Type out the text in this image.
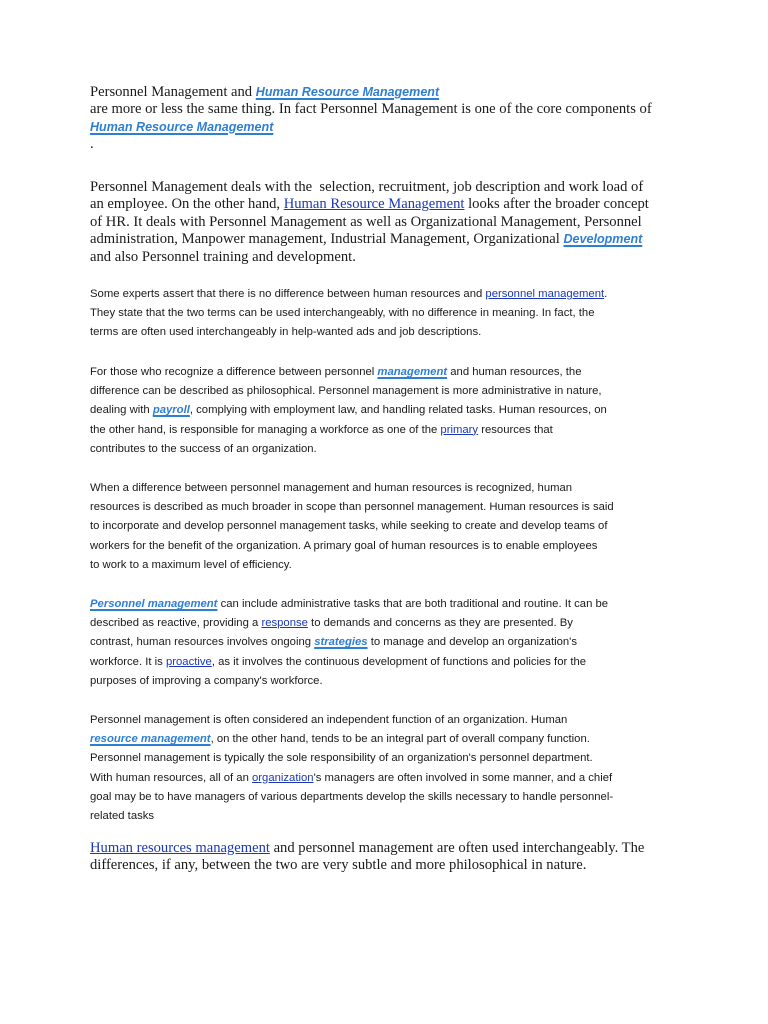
Personnel Management and Human Resource Management
are more or less the same thing. In fact Personnel Management is one of the core components of
Human Resource Management
.
Personnel Management deals with the  selection, recruitment, job description and work load of
an employee. On the other hand, Human Resource Management looks after the broader concept
of HR. It deals with Personnel Management as well as Organizational Management, Personnel
administration, Manpower management, Industrial Management, Organizational Development
and also Personnel training and development.
Some experts assert that there is no difference between human resources and personnel management.
They state that the two terms can be used interchangeably, with no difference in meaning. In fact, the
terms are often used interchangeably in help-wanted ads and job descriptions.
For those who recognize a difference between personnel management and human resources, the
difference can be described as philosophical. Personnel management is more administrative in nature,
dealing with payroll, complying with employment law, and handling related tasks. Human resources, on
the other hand, is responsible for managing a workforce as one of the primary resources that
contributes to the success of an organization.
When a difference between personnel management and human resources is recognized, human
resources is described as much broader in scope than personnel management. Human resources is said
to incorporate and develop personnel management tasks, while seeking to create and develop teams of
workers for the benefit of the organization. A primary goal of human resources is to enable employees
to work to a maximum level of efficiency.
Personnel management can include administrative tasks that are both traditional and routine. It can be
described as reactive, providing a response to demands and concerns as they are presented. By
contrast, human resources involves ongoing strategies to manage and develop an organization's
workforce. It is proactive, as it involves the continuous development of functions and policies for the
purposes of improving a company's workforce.
Personnel management is often considered an independent function of an organization. Human
resource management, on the other hand, tends to be an integral part of overall company function.
Personnel management is typically the sole responsibility of an organization's personnel department.
With human resources, all of an organization's managers are often involved in some manner, and a chief
goal may be to have managers of various departments develop the skills necessary to handle personnel-
related tasks
Human resources management and personnel management are often used interchangeably. The
differences, if any, between the two are very subtle and more philosophical in nature.
